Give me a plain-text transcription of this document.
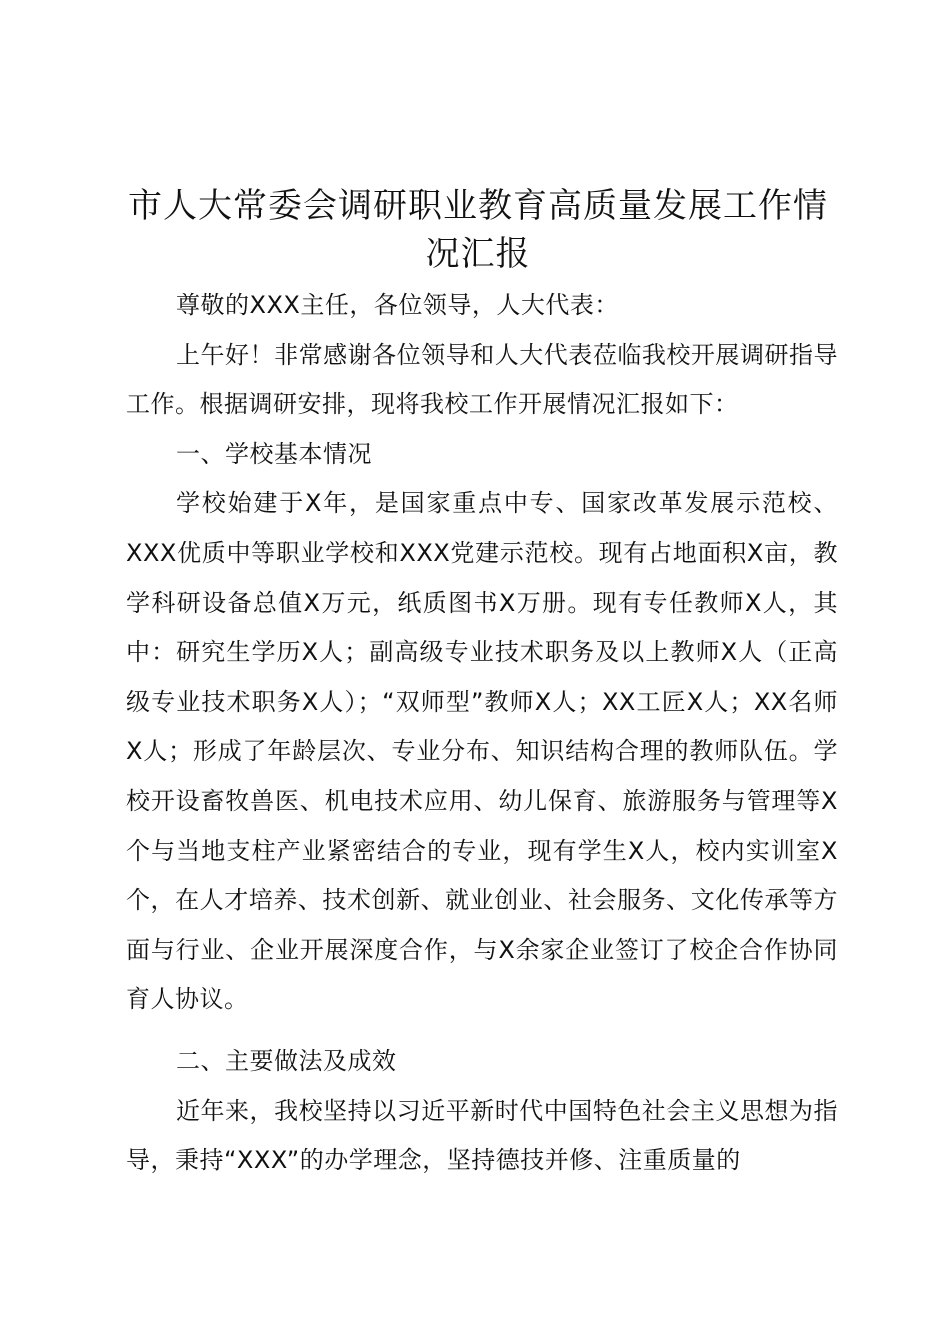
市人大常委会调研职业教育高质量发展工作情况汇报

尊敬的XXX主任，各位领导，人大代表：

上午好！非常感谢各位领导和人大代表莅临我校开展调研指导工作。根据调研安排，现将我校工作开展情况汇报如下：

一、学校基本情况

学校始建于X年，是国家重点中专、国家改革发展示范校、XXX优质中等职业学校和XXX党建示范校。现有占地面积X亩，教学科研设备总值X万元，纸质图书X万册。现有专任教师X人，其中：研究生学历X人；副高级专业技术职务及以上教师X人（正高级专业技术职务X人）；“双师型”教师X人；XX工匠X人；XX名师X人；形成了年龄层次、专业分布、知识结构合理的教师队伍。学校开设畜牧兽医、机电技术应用、幼儿保育、旅游服务与管理等X个与当地支柱产业紧密结合的专业，现有学生X人，校内实训室X个，在人才培养、技术创新、就业创业、社会服务、文化传承等方面与行业、企业开展深度合作，与X余家企业签订了校企合作协同育人协议。

二、主要做法及成效

近年来，我校坚持以习近平新时代中国特色社会主义思想为指导，秉持“XXX”的办学理念，坚持德技并修、注重质量的
